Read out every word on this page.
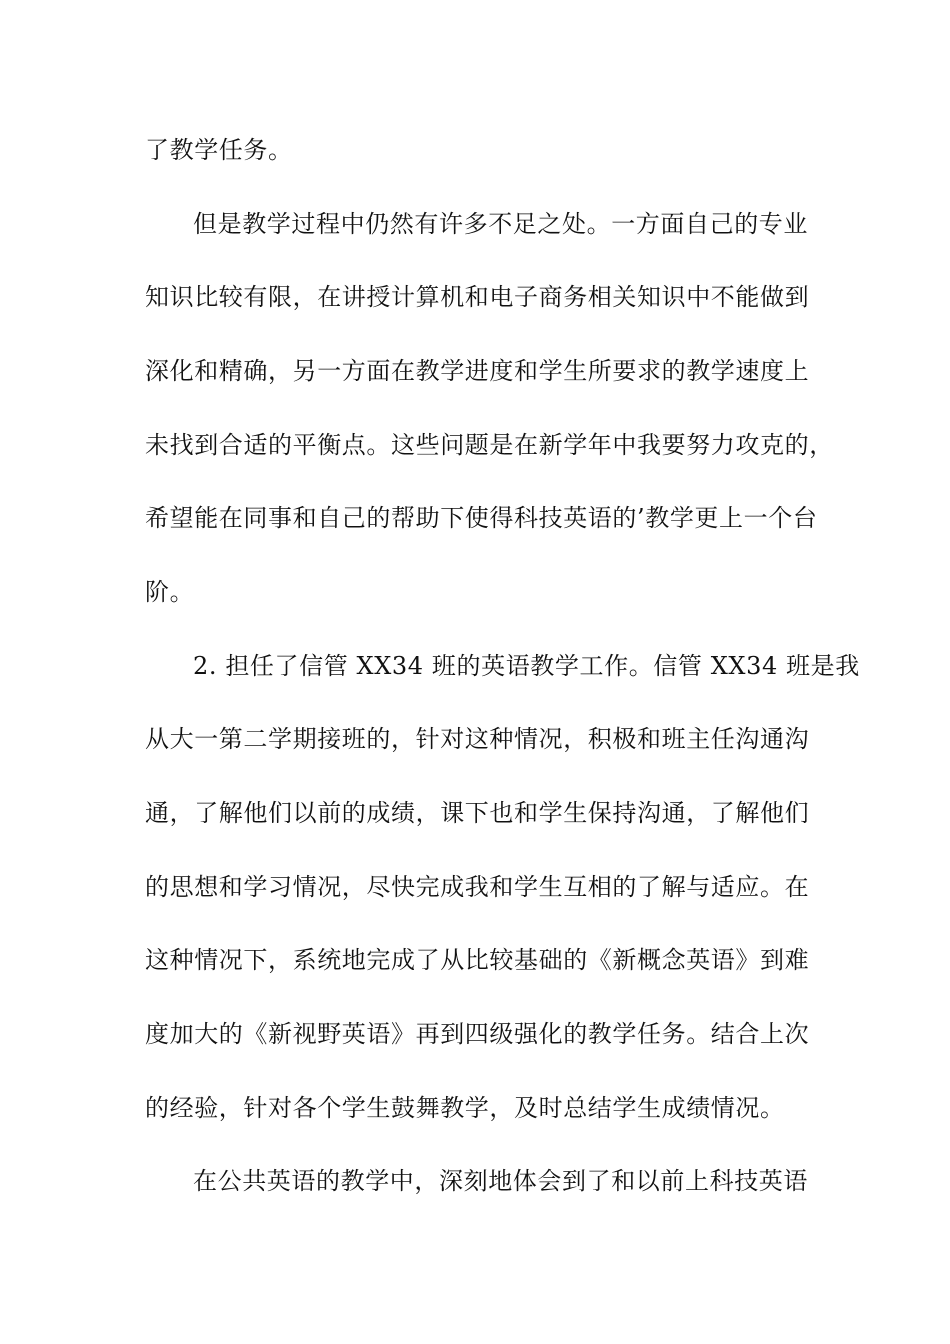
了教学任务。
但是教学过程中仍然有许多不足之处。一方面自己的专业
知识比较有限，在讲授计算机和电子商务相关知识中不能做到
深化和精确，另一方面在教学进度和学生所要求的教学速度上
未找到合适的平衡点。这些问题是在新学年中我要努力攻克的，
希望能在同事和自己的帮助下使得科技英语的’教学更上一个台
阶。
2. 担任了信管 XX34 班的英语教学工作。信管 XX34 班是我
从大一第二学期接班的，针对这种情况，积极和班主任沟通沟
通，了解他们以前的成绩，课下也和学生保持沟通，了解他们
的思想和学习情况，尽快完成我和学生互相的了解与适应。在
这种情况下，系统地完成了从比较基础的《新概念英语》到难
度加大的《新视野英语》再到四级强化的教学任务。结合上次
的经验，针对各个学生鼓舞教学，及时总结学生成绩情况。
在公共英语的教学中，深刻地体会到了和以前上科技英语
